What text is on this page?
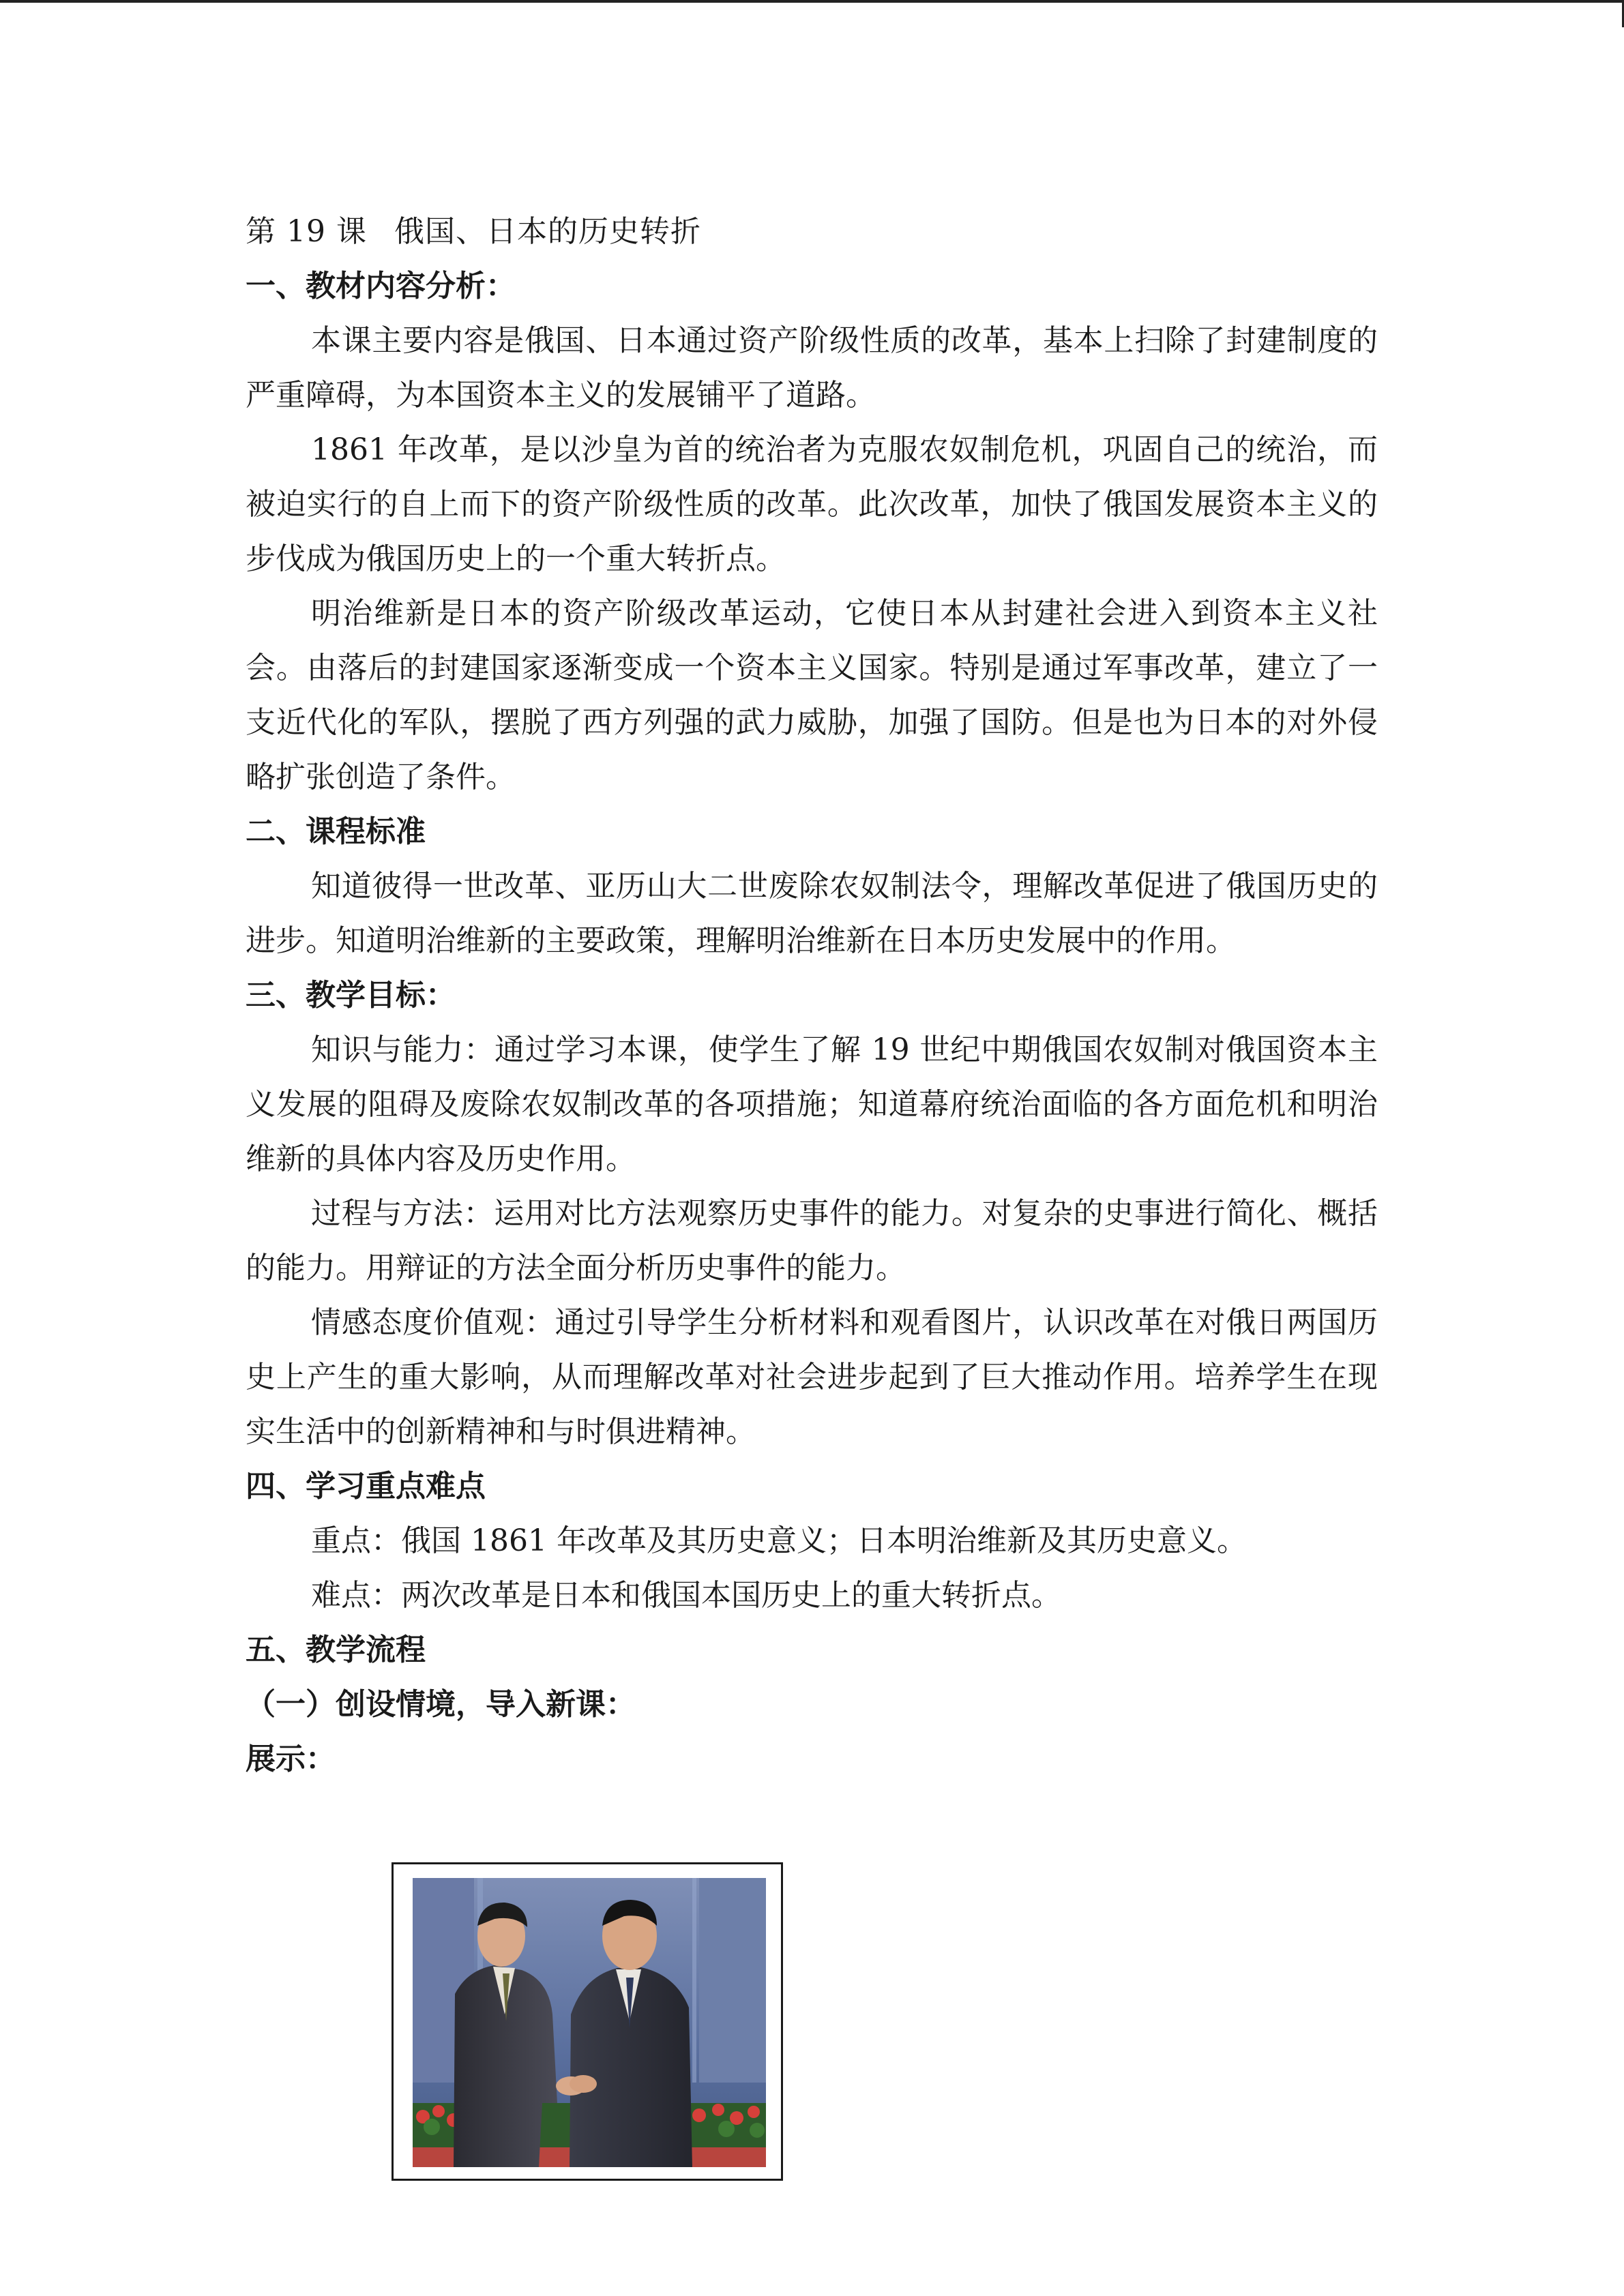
第 19 课 俄国、日本的历史转折

一、教材内容分析：

本课主要内容是俄国、日本通过资产阶级性质的改革，基本上扫除了封建制度的严重障碍，为本国资本主义的发展铺平了道路。

1861 年改革，是以沙皇为首的统治者为克服农奴制危机，巩固自己的统治，而被迫实行的自上而下的资产阶级性质的改革。此次改革，加快了俄国发展资本主义的步伐成为俄国历史上的一个重大转折点。

明治维新是日本的资产阶级改革运动，它使日本从封建社会进入到资本主义社会。由落后的封建国家逐渐变成一个资本主义国家。特别是通过军事改革，建立了一支近代化的军队，摆脱了西方列强的武力威胁，加强了国防。但是也为日本的对外侵略扩张创造了条件。

二、课程标准

知道彼得一世改革、亚历山大二世废除农奴制法令，理解改革促进了俄国历史的进步。知道明治维新的主要政策，理解明治维新在日本历史发展中的作用。

三、教学目标：

知识与能力：通过学习本课，使学生了解 19 世纪中期俄国农奴制对俄国资本主义发展的阻碍及废除农奴制改革的各项措施；知道幕府统治面临的各方面危机和明治维新的具体内容及历史作用。

过程与方法：运用对比方法观察历史事件的能力。对复杂的史事进行简化、概括的能力。用辩证的方法全面分析历史事件的能力。

情感态度价值观：通过引导学生分析材料和观看图片，认识改革在对俄日两国历史上产生的重大影响，从而理解改革对社会进步起到了巨大推动作用。培养学生在现实生活中的创新精神和与时俱进精神。

四、学习重点难点

重点：俄国 1861 年改革及其历史意义；日本明治维新及其历史意义。

难点：两次改革是日本和俄国本国历史上的重大转折点。

五、教学流程

（一）创设情境，导入新课：

展示：
